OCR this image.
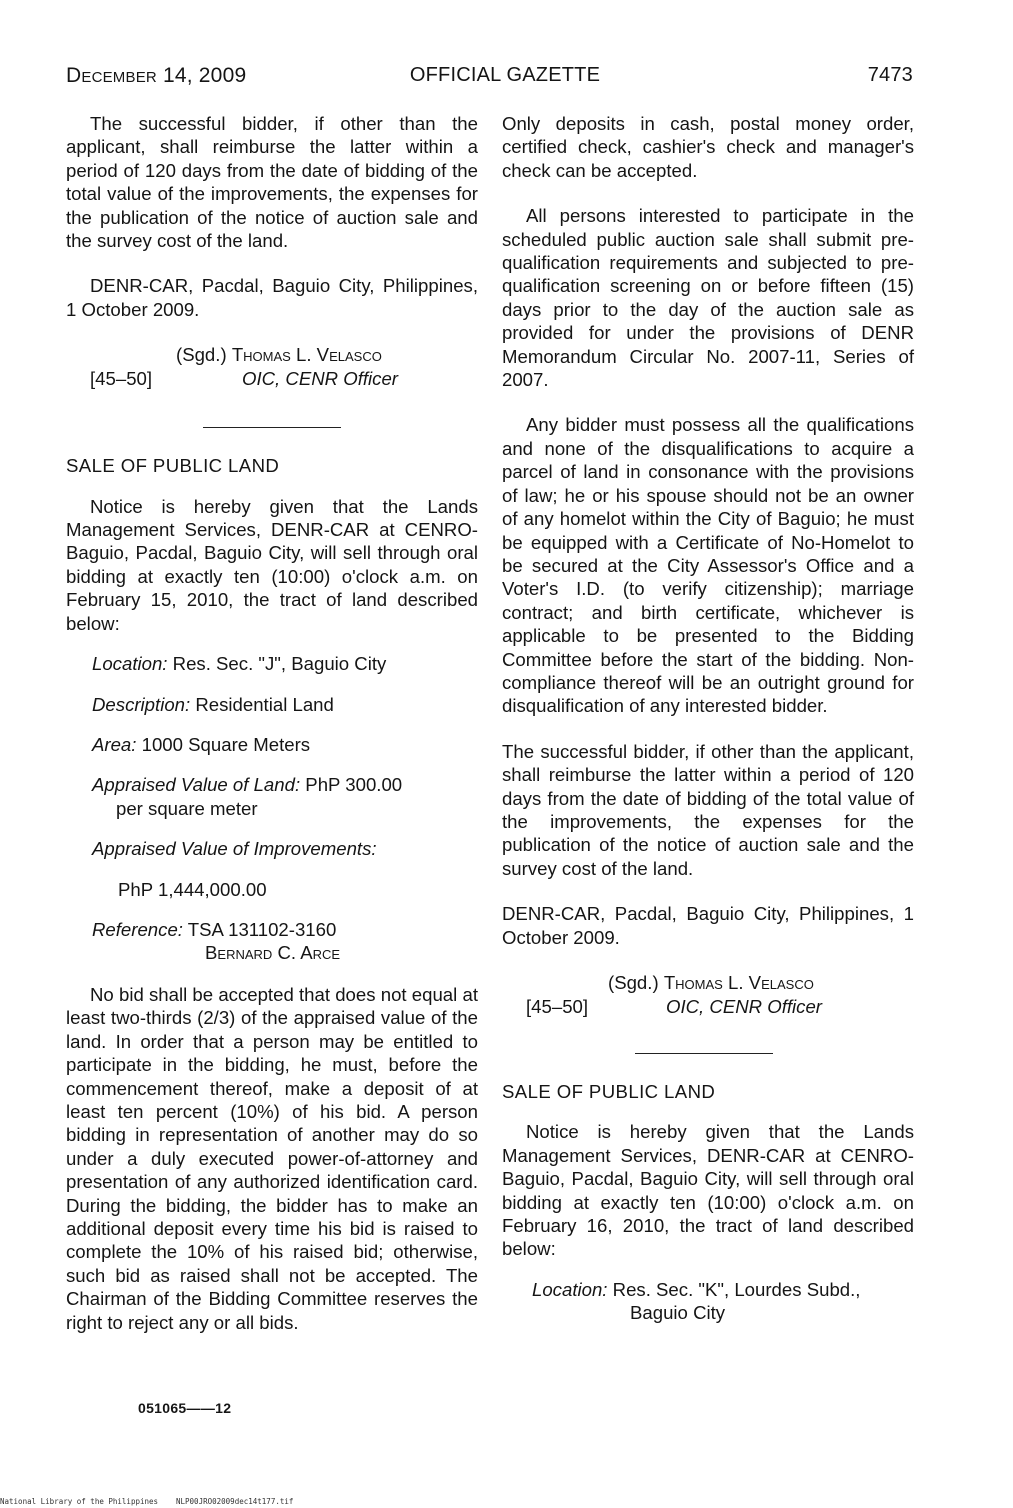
December 14, 2009	OFFICIAL GAZETTE	7473

The successful bidder, if other than the applicant, shall reimburse the latter within a period of 120 days from the date of bidding of the total value of the improvements, the expenses for the publication of the notice of auction sale and the survey cost of the land.

DENR-CAR, Pacdal, Baguio City, Philippines, 1 October 2009.

(Sgd.) Thomas L. Velasco
[45–50]	OIC, CENR Officer

SALE OF PUBLIC LAND

Notice is hereby given that the Lands Management Services, DENR-CAR at CENRO-Baguio, Pacdal, Baguio City, will sell through oral bidding at exactly ten (10:00) o'clock a.m. on February 15, 2010, the tract of land described below:

Location: Res. Sec. "J", Baguio City

Description: Residential Land

Area: 1000 Square Meters

Appraised Value of Land: PhP 300.00
per square meter

Appraised Value of Improvements:

PhP 1,444,000.00

Reference: TSA 131102-3160
Bernard C. Arce

No bid shall be accepted that does not equal at least two-thirds (2/3) of the appraised value of the land. In order that a person may be entitled to participate in the bidding, he must, before the commencement thereof, make a deposit of at least ten percent (10%) of his bid. A person bidding in representation of another may do so under a duly executed power-of-attorney and presentation of any authorized identification card. During the bidding, the bidder has to make an additional deposit every time his bid is raised to complete the 10% of his raised bid; otherwise, such bid as raised shall not be accepted. The Chairman of the Bidding Committee reserves the right to reject any or all bids.

Only deposits in cash, postal money order, certified check, cashier's check and manager's check can be accepted.

All persons interested to participate in the scheduled public auction sale shall submit pre-qualification requirements and subjected to pre-qualification screening on or before fifteen (15) days prior to the day of the auction sale as provided for under the provisions of DENR Memorandum Circular No. 2007-11, Series of 2007.

Any bidder must possess all the qualifications and none of the disqualifications to acquire a parcel of land in consonance with the provisions of law; he or his spouse should not be an owner of any homelot within the City of Baguio; he must be equipped with a Certificate of No-Homelot to be secured at the City Assessor's Office and a Voter's I.D. (to verify citizenship); marriage contract; and birth certificate, whichever is applicable to be presented to the Bidding Committee before the start of the bidding. Non-compliance thereof will be an outright ground for disqualification of any interested bidder.

The successful bidder, if other than the applicant, shall reimburse the latter within a period of 120 days from the date of bidding of the total value of the improvements, the expenses for the publication of the notice of auction sale and the survey cost of the land.

DENR-CAR, Pacdal, Baguio City, Philippines, 1 October 2009.

(Sgd.) Thomas L. Velasco
[45–50]	OIC, CENR Officer

SALE OF PUBLIC LAND

Notice is hereby given that the Lands Management Services, DENR-CAR at CENRO-Baguio, Pacdal, Baguio City, will sell through oral bidding at exactly ten (10:00) o'clock a.m. on February 16, 2010, the tract of land described below:

Location: Res. Sec. "K", Lourdes Subd.,
Baguio City
051065——12
National Library of the Philippines NLP00JRO02009dec14t177.tif
